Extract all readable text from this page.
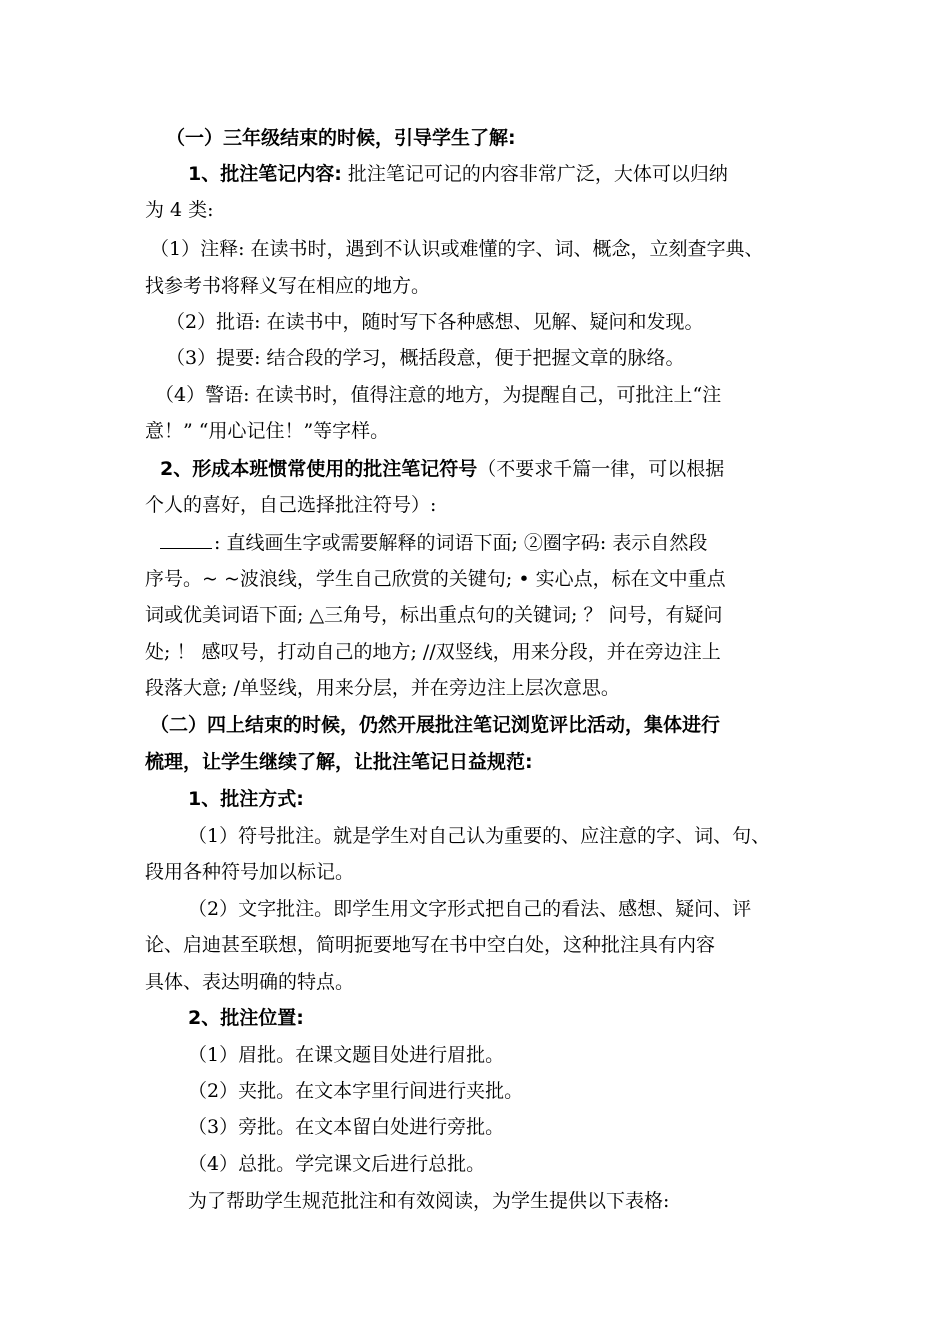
（一）三年级结束的时候，引导学生了解:
1、批注笔记内容: 批注笔记可记的内容非常广泛，大体可以归纳
为 4 类:
（1）注释: 在读书时，遇到不认识或难懂的字、词、概念，立刻查字典、
找参考书将释义写在相应的地方。
（2）批语: 在读书中，随时写下各种感想、见解、疑问和发现。
（3）提要: 结合段的学习，概括段意，便于把握文章的脉络。
（4）警语: 在读书时，值得注意的地方，为提醒自己，可批注上“注
意！” “用心记住！”等字样。
2、形成本班惯常使用的批注笔记符号（不要求千篇一律，可以根据
个人的喜好，自己选择批注符号）:
: 直线画生字或需要解释的词语下面; ②圈字码: 表示自然段
序号。~ ~波浪线，学生自己欣赏的关键句; • 实心点，标在文中重点
词或优美词语下面; △三角号，标出重点句的关键词; ？ 问号，有疑问
处; ！ 感叹号，打动自己的地方; //双竖线，用来分段，并在旁边注上
段落大意; /单竖线，用来分层，并在旁边注上层次意思。
（二）四上结束的时候，仍然开展批注笔记浏览评比活动，集体进行
梳理，让学生继续了解，让批注笔记日益规范:
1、批注方式:
（1）符号批注。就是学生对自己认为重要的、应注意的字、词、句、
段用各种符号加以标记。
（2）文字批注。即学生用文字形式把自己的看法、感想、疑问、评
论、启迪甚至联想，简明扼要地写在书中空白处，这种批注具有内容
具体、表达明确的特点。
2、批注位置:
（1）眉批。在课文题目处进行眉批。
（2）夹批。在文本字里行间进行夹批。
（3）旁批。在文本留白处进行旁批。
（4）总批。学完课文后进行总批。
为了帮助学生规范批注和有效阅读，为学生提供以下表格:
